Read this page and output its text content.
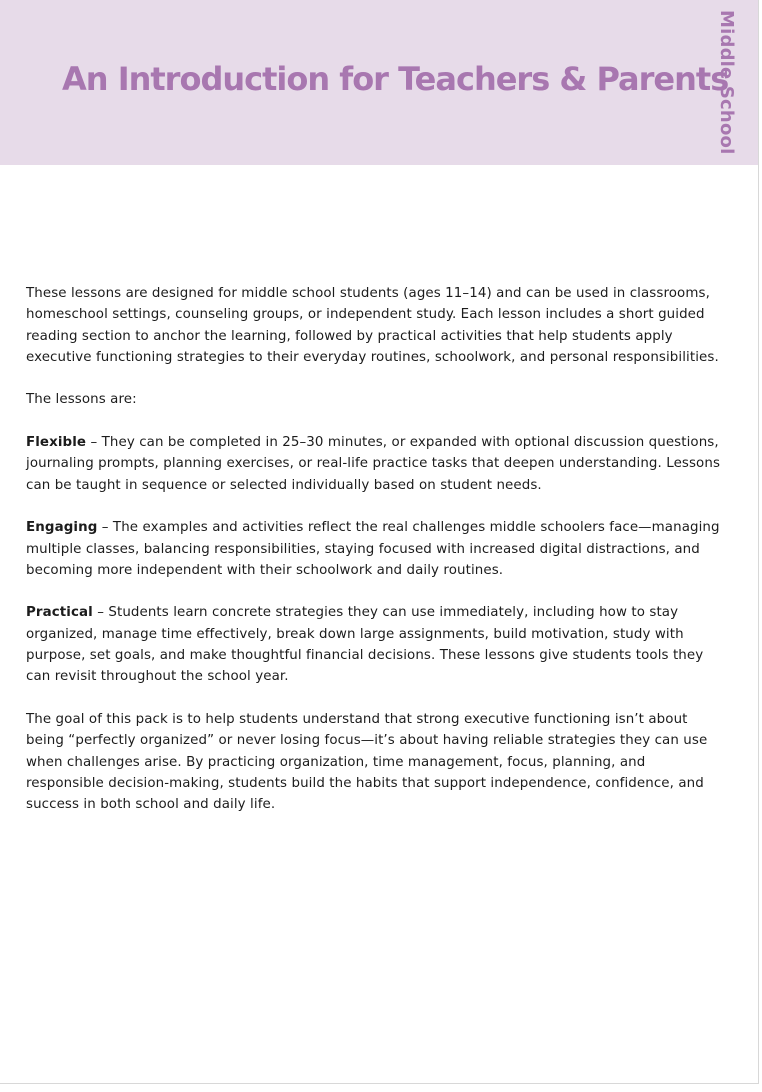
An Introduction for Teachers & Parents
Middle School

These lessons are designed for middle school students (ages 11–14) and can be used in classrooms, homeschool settings, counseling groups, or independent study. Each lesson includes a short guided reading section to anchor the learning, followed by practical activities that help students apply executive functioning strategies to their everyday routines, schoolwork, and personal responsibilities.

The lessons are:

Flexible – They can be completed in 25–30 minutes, or expanded with optional discussion questions, journaling prompts, planning exercises, or real-life practice tasks that deepen understanding. Lessons can be taught in sequence or selected individually based on student needs.

Engaging – The examples and activities reflect the real challenges middle schoolers face—managing multiple classes, balancing responsibilities, staying focused with increased digital distractions, and becoming more independent with their schoolwork and daily routines.

Practical – Students learn concrete strategies they can use immediately, including how to stay organized, manage time effectively, break down large assignments, build motivation, study with purpose, set goals, and make thoughtful financial decisions. These lessons give students tools they can revisit throughout the school year.

The goal of this pack is to help students understand that strong executive functioning isn’t about being “perfectly organized” or never losing focus—it’s about having reliable strategies they can use when challenges arise. By practicing organization, time management, focus, planning, and responsible decision-making, students build the habits that support independence, confidence, and success in both school and daily life.
